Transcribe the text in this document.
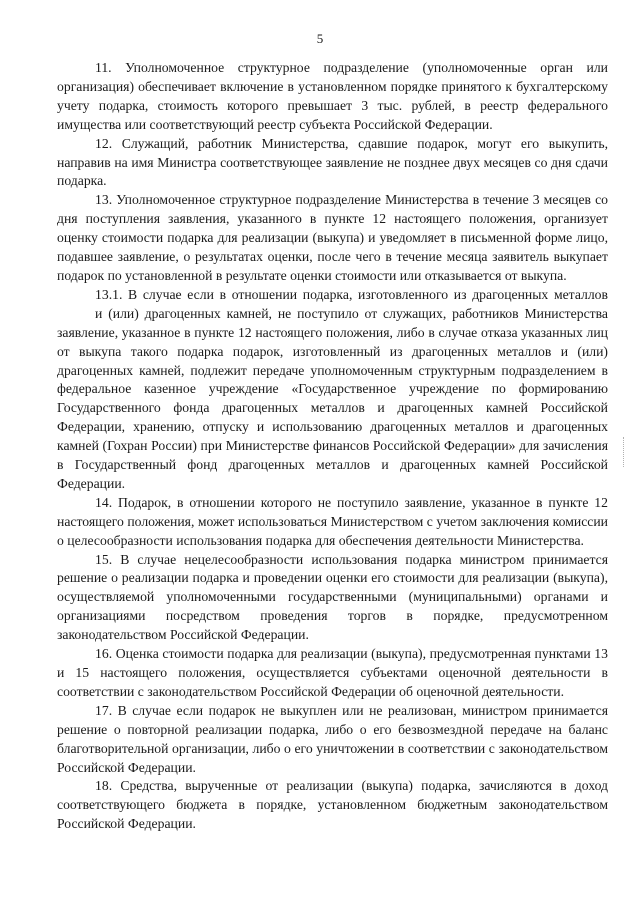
5

11. Уполномоченное структурное подразделение (уполномоченные орган или организация) обеспечивает включение в установленном порядке принятого к бухгалтерскому учету подарка, стоимость которого превышает 3 тыс. рублей, в реестр федерального имущества или соответствующий реестр субъекта Российской Федерации.

12. Служащий, работник Министерства, сдавшие подарок, могут его выкупить, направив на имя Министра соответствующее заявление не позднее двух месяцев со дня сдачи подарка.

13. Уполномоченное структурное подразделение Министерства в течение 3 месяцев со дня поступления заявления, указанного в пункте 12 настоящего положения, организует оценку стоимости подарка для реализации (выкупа) и уведомляет в письменной форме лицо, подавшее заявление, о результатах оценки, после чего в течение месяца заявитель выкупает подарок по установленной в результате оценки стоимости или отказывается от выкупа.

13.1. В случае если в отношении подарка, изготовленного из драгоценных металлов

и (или) драгоценных камней, не поступило от служащих, работников Министерства заявление, указанное в пункте 12 настоящего положения, либо в случае отказа указанных лиц от выкупа такого подарка подарок, изготовленный из драгоценных металлов и (или) драгоценных камней, подлежит передаче уполномоченным структурным подразделением в федеральное казенное учреждение «Государственное учреждение по формированию Государственного фонда драгоценных металлов и драгоценных камней Российской Федерации, хранению, отпуску и использованию драгоценных металлов и драгоценных камней (Гохран России) при Министерстве финансов Российской Федерации» для зачисления в Государственный фонд драгоценных металлов и драгоценных камней Российской Федерации.

14. Подарок, в отношении которого не поступило заявление, указанное в пункте 12 настоящего положения, может использоваться Министерством с учетом заключения комиссии о целесообразности использования подарка для обеспечения деятельности Министерства.

15. В случае нецелесообразности использования подарка министром принимается решение о реализации подарка и проведении оценки его стоимости для реализации (выкупа), осуществляемой уполномоченными государственными (муниципальными) органами и организациями посредством проведения торгов в порядке, предусмотренном законодательством Российской Федерации.

16. Оценка стоимости подарка для реализации (выкупа), предусмотренная пунктами 13 и 15 настоящего положения, осуществляется субъектами оценочной деятельности в соответствии с законодательством Российской Федерации об оценочной деятельности.

17. В случае если подарок не выкуплен или не реализован, министром принимается решение о повторной реализации подарка, либо о его безвозмездной передаче на баланс благотворительной организации, либо о его уничтожении в соответствии с законодательством Российской Федерации.

18. Средства, вырученные от реализации (выкупа) подарка, зачисляются в доход соответствующего бюджета в порядке, установленном бюджетным законодательством Российской Федерации.
